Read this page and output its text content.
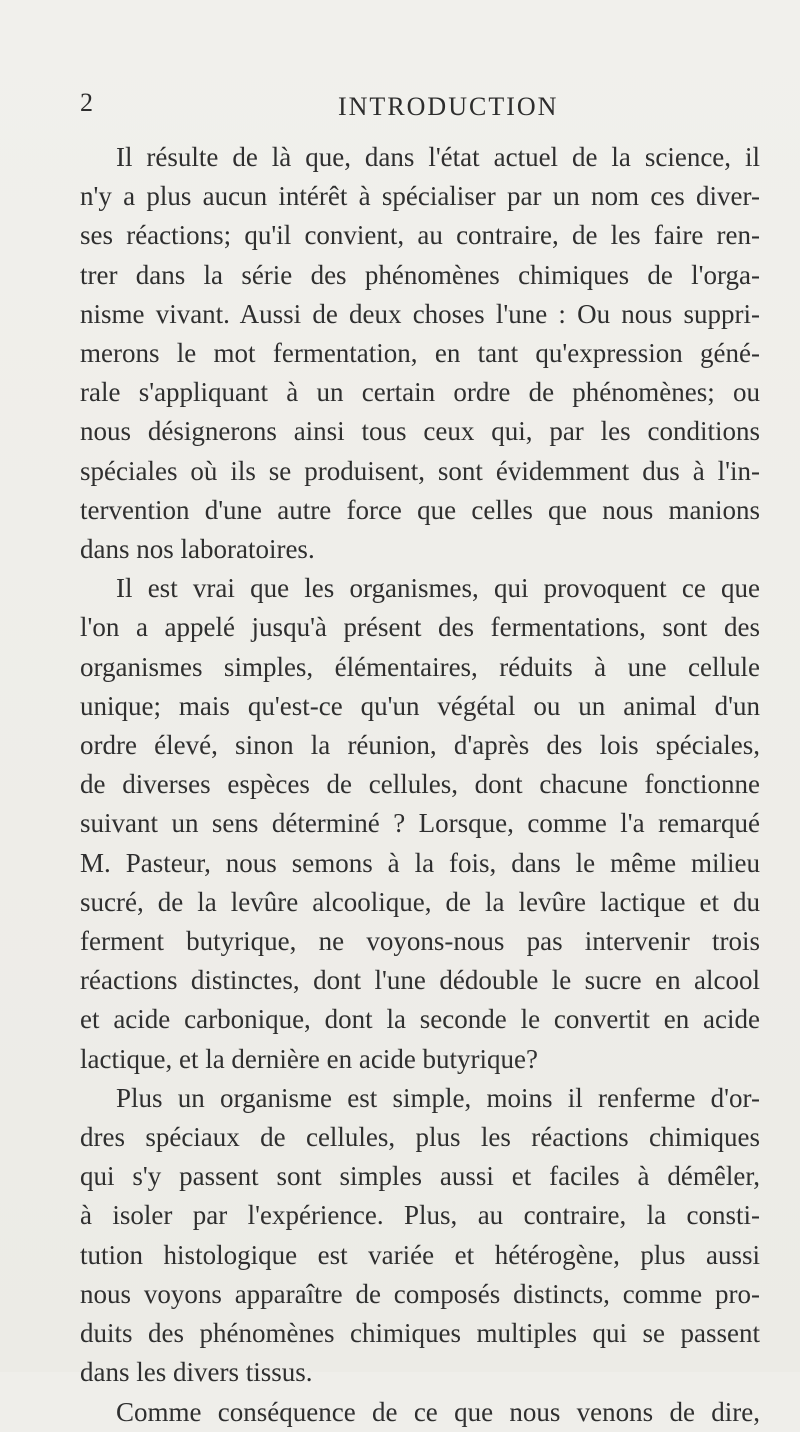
2	INTRODUCTION
Il résulte de là que, dans l'état actuel de la science, il
n'y a plus aucun intérêt à spécialiser par un nom ces diver-
ses réactions; qu'il convient, au contraire, de les faire ren-
trer dans la série des phénomènes chimiques de l'orga-
nisme vivant. Aussi de deux choses l'une : Ou nous suppri-
merons le mot fermentation, en tant qu'expression géné-
rale s'appliquant à un certain ordre de phénomènes; ou
nous désignerons ainsi tous ceux qui, par les conditions
spéciales où ils se produisent, sont évidemment dus à l'in-
tervention d'une autre force que celles que nous manions
dans nos laboratoires.
Il est vrai que les organismes, qui provoquent ce que
l'on a appelé jusqu'à présent des fermentations, sont des
organismes simples, élémentaires, réduits à une cellule
unique; mais qu'est-ce qu'un végétal ou un animal d'un
ordre élevé, sinon la réunion, d'après des lois spéciales,
de diverses espèces de cellules, dont chacune fonctionne
suivant un sens déterminé ? Lorsque, comme l'a remarqué
M. Pasteur, nous semons à la fois, dans le même milieu
sucré, de la levûre alcoolique, de la levûre lactique et du
ferment butyrique, ne voyons-nous pas intervenir trois
réactions distinctes, dont l'une dédouble le sucre en alcool
et acide carbonique, dont la seconde le convertit en acide
lactique, et la dernière en acide butyrique?
Plus un organisme est simple, moins il renferme d'or-
dres spéciaux de cellules, plus les réactions chimiques
qui s'y passent sont simples aussi et faciles à démêler,
à isoler par l'expérience. Plus, au contraire, la consti-
tution histologique est variée et hétérogène, plus aussi
nous voyons apparaître de composés distincts, comme pro-
duits des phénomènes chimiques multiples qui se passent
dans les divers tissus.
Comme conséquence de ce que nous venons de dire,
